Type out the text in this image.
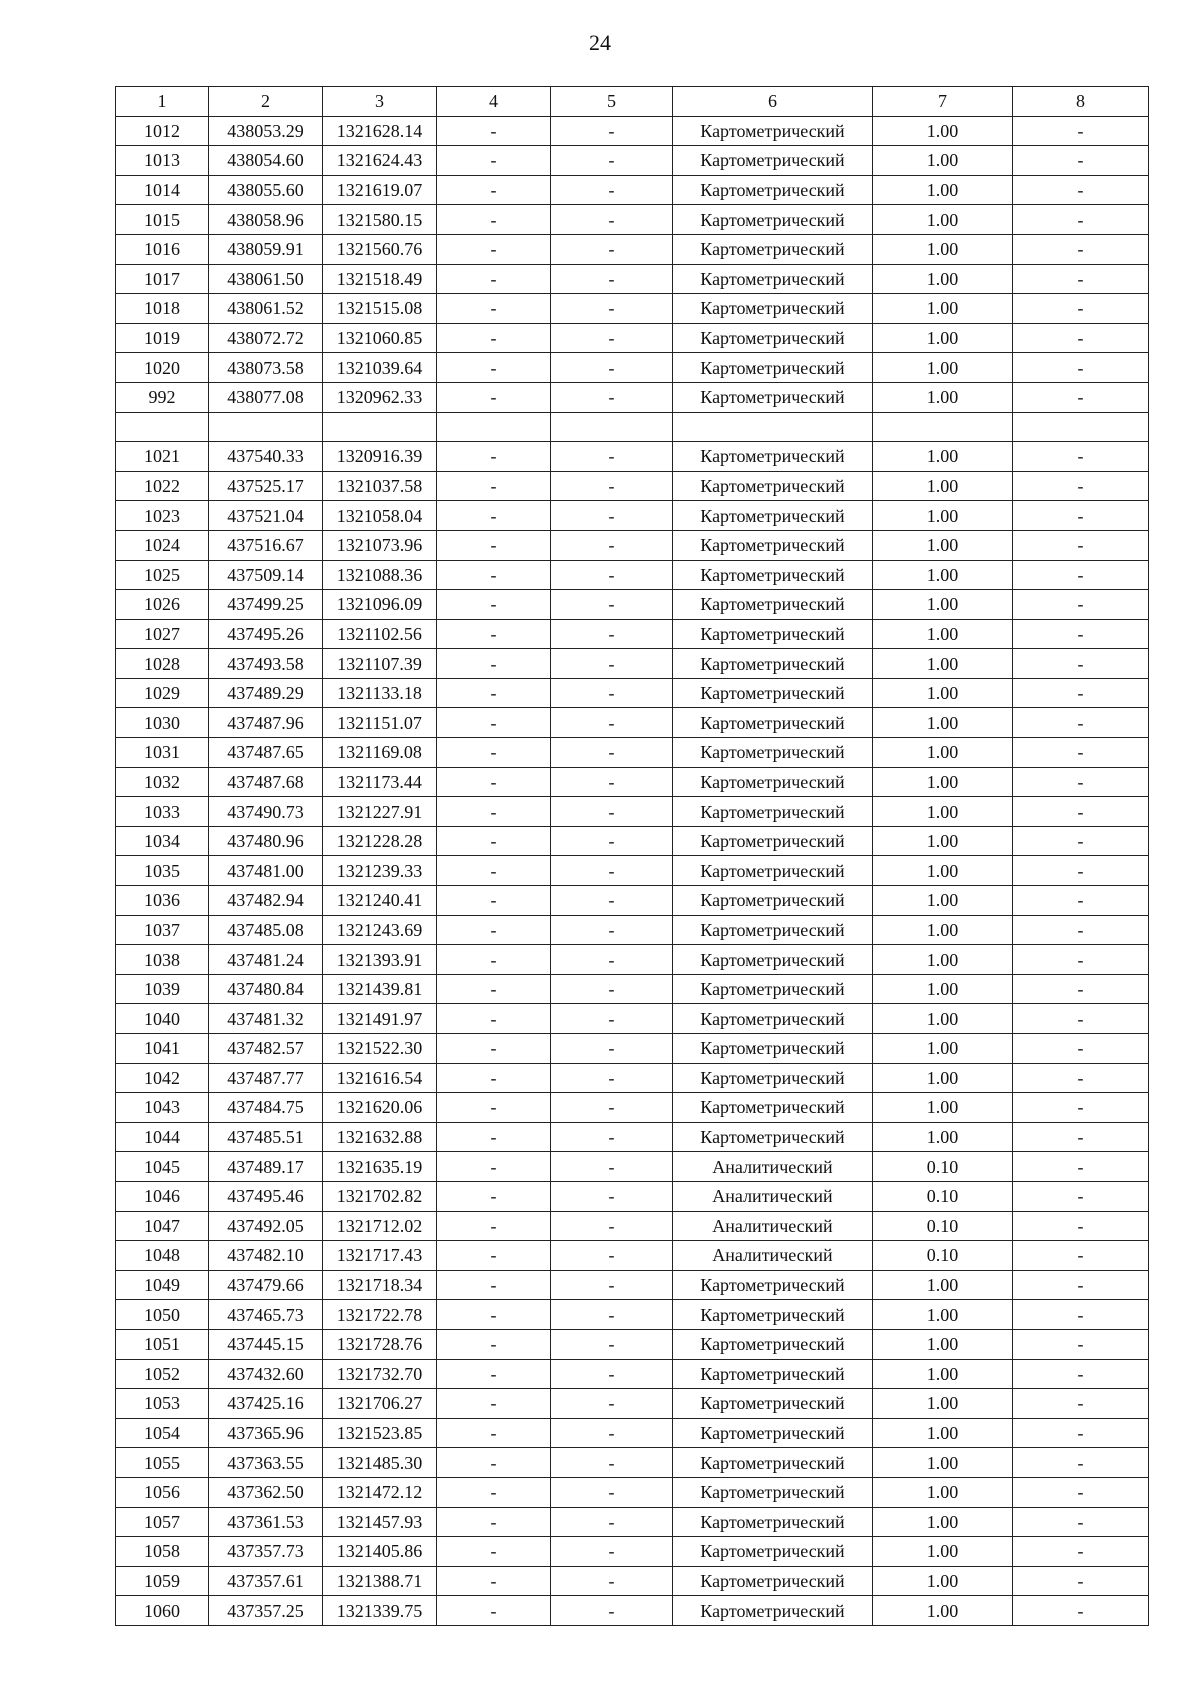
24
1	2	3	4	5	6	7	8
1012	438053.29	1321628.14	-	-	Картометрический	1.00	-
1013	438054.60	1321624.43	-	-	Картометрический	1.00	-
1014	438055.60	1321619.07	-	-	Картометрический	1.00	-
1015	438058.96	1321580.15	-	-	Картометрический	1.00	-
1016	438059.91	1321560.76	-	-	Картометрический	1.00	-
1017	438061.50	1321518.49	-	-	Картометрический	1.00	-
1018	438061.52	1321515.08	-	-	Картометрический	1.00	-
1019	438072.72	1321060.85	-	-	Картометрический	1.00	-
1020	438073.58	1321039.64	-	-	Картометрический	1.00	-
992	438077.08	1320962.33	-	-	Картометрический	1.00	-

1021	437540.33	1320916.39	-	-	Картометрический	1.00	-
1022	437525.17	1321037.58	-	-	Картометрический	1.00	-
1023	437521.04	1321058.04	-	-	Картометрический	1.00	-
1024	437516.67	1321073.96	-	-	Картометрический	1.00	-
1025	437509.14	1321088.36	-	-	Картометрический	1.00	-
1026	437499.25	1321096.09	-	-	Картометрический	1.00	-
1027	437495.26	1321102.56	-	-	Картометрический	1.00	-
1028	437493.58	1321107.39	-	-	Картометрический	1.00	-
1029	437489.29	1321133.18	-	-	Картометрический	1.00	-
1030	437487.96	1321151.07	-	-	Картометрический	1.00	-
1031	437487.65	1321169.08	-	-	Картометрический	1.00	-
1032	437487.68	1321173.44	-	-	Картометрический	1.00	-
1033	437490.73	1321227.91	-	-	Картометрический	1.00	-
1034	437480.96	1321228.28	-	-	Картометрический	1.00	-
1035	437481.00	1321239.33	-	-	Картометрический	1.00	-
1036	437482.94	1321240.41	-	-	Картометрический	1.00	-
1037	437485.08	1321243.69	-	-	Картометрический	1.00	-
1038	437481.24	1321393.91	-	-	Картометрический	1.00	-
1039	437480.84	1321439.81	-	-	Картометрический	1.00	-
1040	437481.32	1321491.97	-	-	Картометрический	1.00	-
1041	437482.57	1321522.30	-	-	Картометрический	1.00	-
1042	437487.77	1321616.54	-	-	Картометрический	1.00	-
1043	437484.75	1321620.06	-	-	Картометрический	1.00	-
1044	437485.51	1321632.88	-	-	Картометрический	1.00	-
1045	437489.17	1321635.19	-	-	Аналитический	0.10	-
1046	437495.46	1321702.82	-	-	Аналитический	0.10	-
1047	437492.05	1321712.02	-	-	Аналитический	0.10	-
1048	437482.10	1321717.43	-	-	Аналитический	0.10	-
1049	437479.66	1321718.34	-	-	Картометрический	1.00	-
1050	437465.73	1321722.78	-	-	Картометрический	1.00	-
1051	437445.15	1321728.76	-	-	Картометрический	1.00	-
1052	437432.60	1321732.70	-	-	Картометрический	1.00	-
1053	437425.16	1321706.27	-	-	Картометрический	1.00	-
1054	437365.96	1321523.85	-	-	Картометрический	1.00	-
1055	437363.55	1321485.30	-	-	Картометрический	1.00	-
1056	437362.50	1321472.12	-	-	Картометрический	1.00	-
1057	437361.53	1321457.93	-	-	Картометрический	1.00	-
1058	437357.73	1321405.86	-	-	Картометрический	1.00	-
1059	437357.61	1321388.71	-	-	Картометрический	1.00	-
1060	437357.25	1321339.75	-	-	Картометрический	1.00	-
